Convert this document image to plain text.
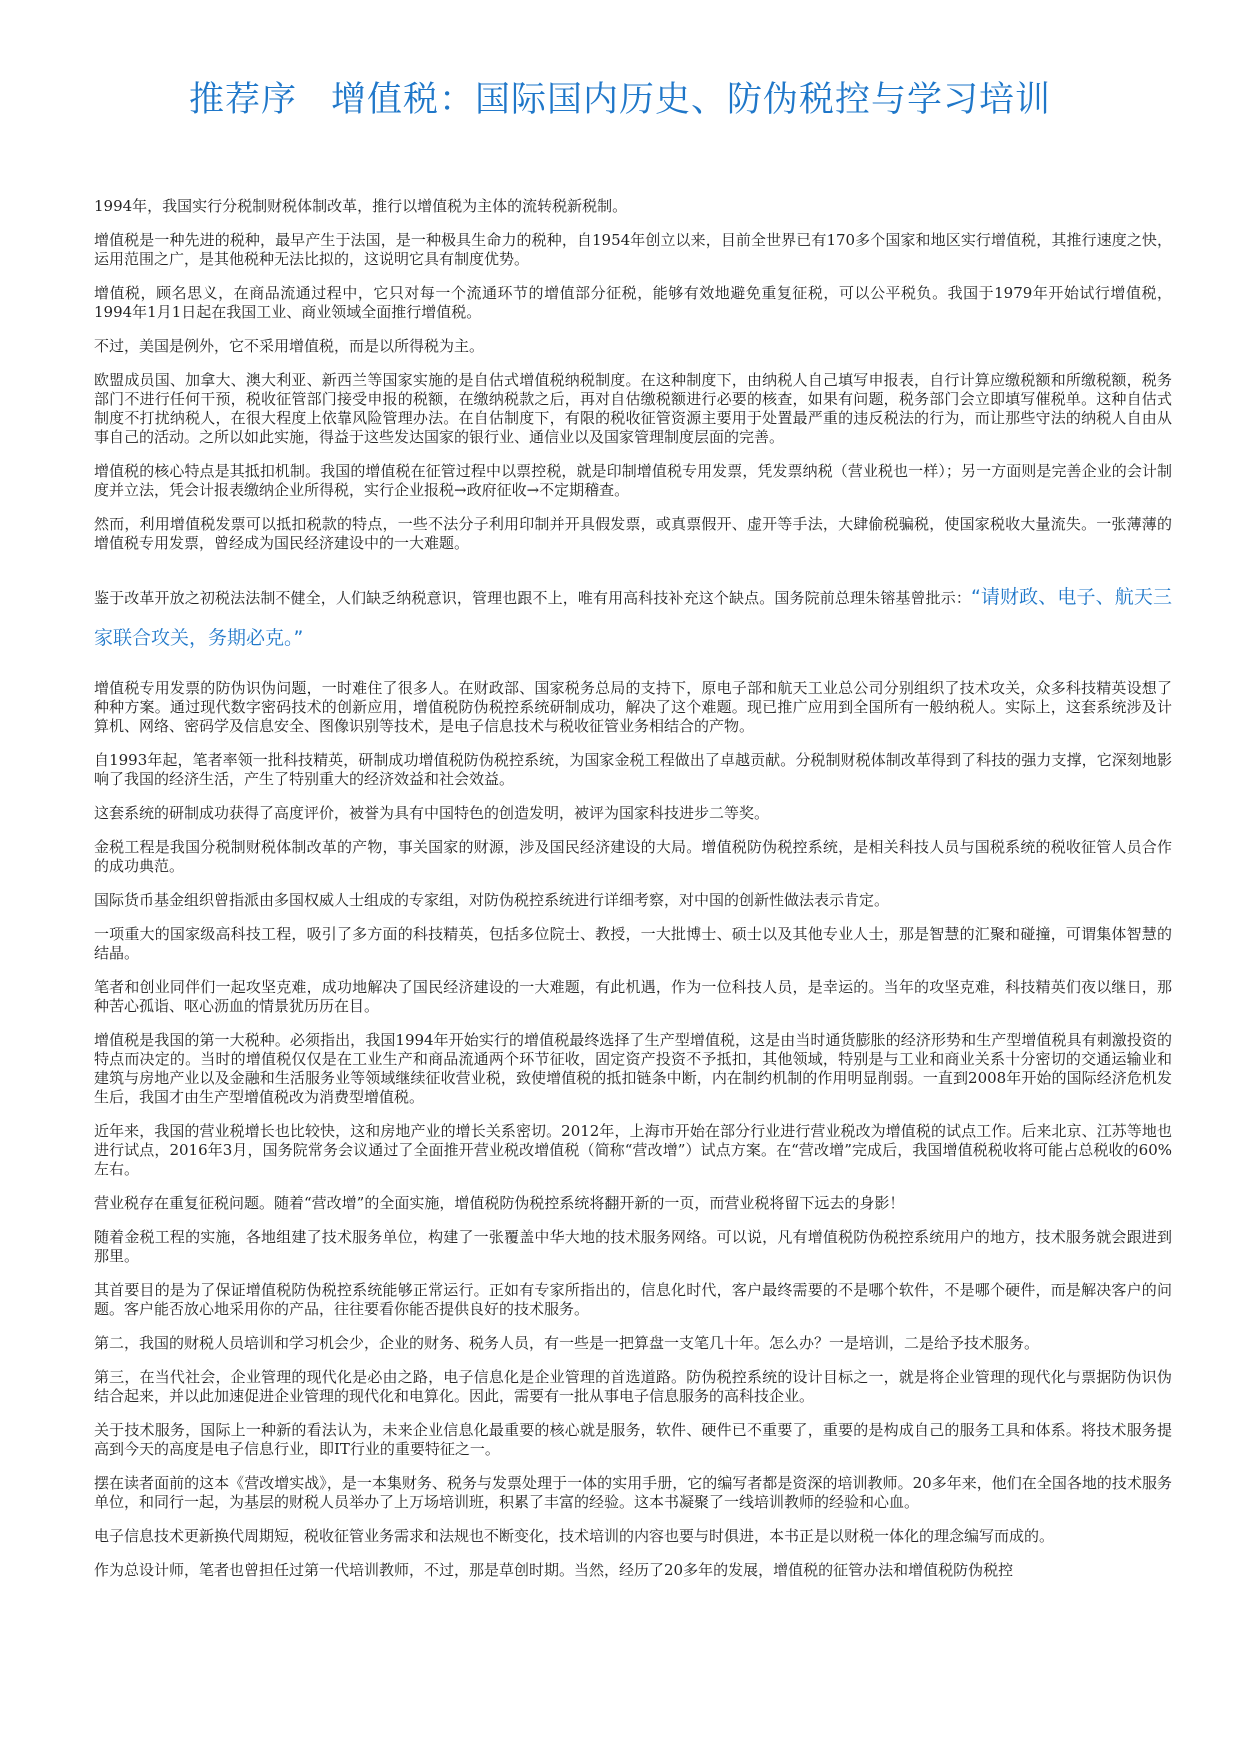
推荐序 增值税：国际国内历史、防伪税控与学习培训

1994年，我国实行分税制财税体制改革，推行以增值税为主体的流转税新税制。

增值税是一种先进的税种，最早产生于法国，是一种极具生命力的税种，自1954年创立以来，目前全世界已有170多个国家和地区实行增值税，其推行速度之快，运用范围之广，是其他税种无法比拟的，这说明它具有制度优势。

增值税，顾名思义，在商品流通过程中，它只对每一个流通环节的增值部分征税，能够有效地避免重复征税，可以公平税负。我国于1979年开始试行增值税，1994年1月1日起在我国工业、商业领域全面推行增值税。

不过，美国是例外，它不采用增值税，而是以所得税为主。

欧盟成员国、加拿大、澳大利亚、新西兰等国家实施的是自估式增值税纳税制度。在这种制度下，由纳税人自己填写申报表，自行计算应缴税额和所缴税额，税务部门不进行任何干预，税收征管部门接受申报的税额，在缴纳税款之后，再对自估缴税额进行必要的核查，如果有问题，税务部门会立即填写催税单。这种自估式制度不打扰纳税人，在很大程度上依靠风险管理办法。在自估制度下，有限的税收征管资源主要用于处置最严重的违反税法的行为，而让那些守法的纳税人自由从事自己的活动。之所以如此实施，得益于这些发达国家的银行业、通信业以及国家管理制度层面的完善。

增值税的核心特点是其抵扣机制。我国的增值税在征管过程中以票控税，就是印制增值税专用发票，凭发票纳税（营业税也一样）；另一方面则是完善企业的会计制度并立法，凭会计报表缴纳企业所得税，实行企业报税→政府征收→不定期稽查。

然而，利用增值税发票可以抵扣税款的特点，一些不法分子利用印制并开具假发票，或真票假开、虚开等手法，大肆偷税骗税，使国家税收大量流失。一张薄薄的增值税专用发票，曾经成为国民经济建设中的一大难题。

鉴于改革开放之初税法法制不健全，人们缺乏纳税意识，管理也跟不上，唯有用高科技补充这个缺点。国务院前总理朱镕基曾批示：“请财政、电子、航天三家联合攻关，务期必克。”

增值税专用发票的防伪识伪问题，一时难住了很多人。在财政部、国家税务总局的支持下，原电子部和航天工业总公司分别组织了技术攻关，众多科技精英设想了种种方案。通过现代数字密码技术的创新应用，增值税防伪税控系统研制成功，解决了这个难题。现已推广应用到全国所有一般纳税人。实际上，这套系统涉及计算机、网络、密码学及信息安全、图像识别等技术，是电子信息技术与税收征管业务相结合的产物。

自1993年起，笔者率领一批科技精英，研制成功增值税防伪税控系统，为国家金税工程做出了卓越贡献。分税制财税体制改革得到了科技的强力支撑，它深刻地影响了我国的经济生活，产生了特别重大的经济效益和社会效益。

这套系统的研制成功获得了高度评价，被誉为具有中国特色的创造发明，被评为国家科技进步二等奖。

金税工程是我国分税制财税体制改革的产物，事关国家的财源，涉及国民经济建设的大局。增值税防伪税控系统，是相关科技人员与国税系统的税收征管人员合作的成功典范。

国际货币基金组织曾指派由多国权威人士组成的专家组，对防伪税控系统进行详细考察，对中国的创新性做法表示肯定。

一项重大的国家级高科技工程，吸引了多方面的科技精英，包括多位院士、教授，一大批博士、硕士以及其他专业人士，那是智慧的汇聚和碰撞，可谓集体智慧的结晶。

笔者和创业同伴们一起攻坚克难，成功地解决了国民经济建设的一大难题，有此机遇，作为一位科技人员，是幸运的。当年的攻坚克难，科技精英们夜以继日，那种苦心孤诣、呕心沥血的情景犹历历在目。

增值税是我国的第一大税种。必须指出，我国1994年开始实行的增值税最终选择了生产型增值税，这是由当时通货膨胀的经济形势和生产型增值税具有刺激投资的特点而决定的。当时的增值税仅仅是在工业生产和商品流通两个环节征收，固定资产投资不予抵扣，其他领域，特别是与工业和商业关系十分密切的交通运输业和建筑与房地产业以及金融和生活服务业等领域继续征收营业税，致使增值税的抵扣链条中断，内在制约机制的作用明显削弱。一直到2008年开始的国际经济危机发生后，我国才由生产型增值税改为消费型增值税。

近年来，我国的营业税增长也比较快，这和房地产业的增长关系密切。2012年，上海市开始在部分行业进行营业税改为增值税的试点工作。后来北京、江苏等地也进行试点，2016年3月，国务院常务会议通过了全面推开营业税改增值税（简称“营改增”）试点方案。在“营改增”完成后，我国增值税税收将可能占总税收的60%左右。

营业税存在重复征税问题。随着“营改增”的全面实施，增值税防伪税控系统将翻开新的一页，而营业税将留下远去的身影！

随着金税工程的实施，各地组建了技术服务单位，构建了一张覆盖中华大地的技术服务网络。可以说，凡有增值税防伪税控系统用户的地方，技术服务就会跟进到那里。

其首要目的是为了保证增值税防伪税控系统能够正常运行。正如有专家所指出的，信息化时代，客户最终需要的不是哪个软件，不是哪个硬件，而是解决客户的问题。客户能否放心地采用你的产品，往往要看你能否提供良好的技术服务。

第二，我国的财税人员培训和学习机会少，企业的财务、税务人员，有一些是一把算盘一支笔几十年。怎么办？一是培训，二是给予技术服务。

第三，在当代社会，企业管理的现代化是必由之路，电子信息化是企业管理的首选道路。防伪税控系统的设计目标之一，就是将企业管理的现代化与票据防伪识伪结合起来，并以此加速促进企业管理的现代化和电算化。因此，需要有一批从事电子信息服务的高科技企业。

关于技术服务，国际上一种新的看法认为，未来企业信息化最重要的核心就是服务，软件、硬件已不重要了，重要的是构成自己的服务工具和体系。将技术服务提高到今天的高度是电子信息行业，即IT行业的重要特征之一。

摆在读者面前的这本《营改增实战》，是一本集财务、税务与发票处理于一体的实用手册，它的编写者都是资深的培训教师。20多年来，他们在全国各地的技术服务单位，和同行一起，为基层的财税人员举办了上万场培训班，积累了丰富的经验。这本书凝聚了一线培训教师的经验和心血。

电子信息技术更新换代周期短，税收征管业务需求和法规也不断变化，技术培训的内容也要与时俱进，本书正是以财税一体化的理念编写而成的。

作为总设计师，笔者也曾担任过第一代培训教师，不过，那是草创时期。当然，经历了20多年的发展，增值税的征管办法和增值税防伪税控
